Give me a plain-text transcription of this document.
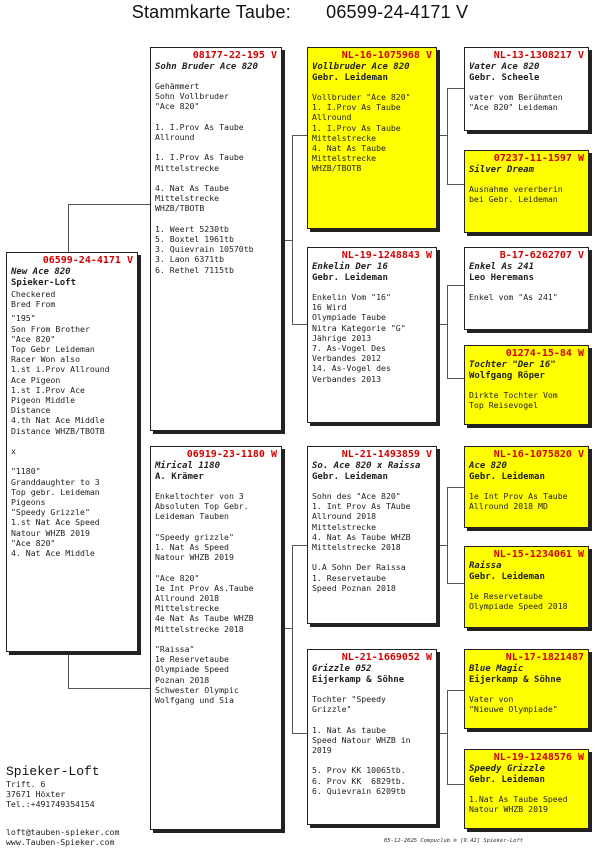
Stammkarte Taube: 06599-24-4171 V
06599-24-4171 V
New Ace 820
Spieker-Loft
Checkered
Bred From
"195"
Son From Brother
"Ace 820"
Top Gebr Leideman
Racer Won also
1.st i.Prov Allround
Ace Pigeon
1.st I.Prov Ace
Pigeon Middle
Distance
4.th Nat Ace Middle
Distance WHZB/TBOTB

x

"1180"
Granddaughter to 3
Top gebr. Leideman
Pigeons
"Speedy Grizzle"
1.st Nat Ace Speed
Natour WHZB 2019
"Ace 820"
4. Nat Ace Middle
08177-22-195 V
Sohn Bruder Ace 820
Gehämmert
Sohn Vollbruder
"Ace 820"

1. I.Prov As Taube
Allround

1. I.Prov As Taube
Mittelstrecke

4. Nat As Taube
Mittelstrecke
WHZB/TBOTB

1. Weert 5230tb
5. Boxtel 1961tb
3. Quievrain 10570tb
3. Laon 6371tb
6. Rethel 7115tb
06919-23-1180 W
Mirical 1180
A. Krämer
Enkeltochter von 3
Absoluten Top Gebr.
Leideman Tauben

"Speedy grizzle"
1. Nat As Speed
Natour WHZB 2019

"Ace 820"
1e Int Prov As.Taube
Allround 2018
Mittelstrecke
4e Nat As Taube WHZB
Mittelstrecke 2018

"Raissa"
1e Reservetaube
Olympiade Speed
Poznan 2018
Schwester Olympic
Wolfgang und Sia
NL-16-1075968 V
Vollbruder Ace 820
Gebr. Leideman
Vollbruder "Ace 820"
1. I.Prov As Taube
Allround
1. I.Prov As Taube
Mittelstrecke
4. Nat As Taube
Mittelstrecke
WHZB/TBOTB
NL-19-1248843 W
Enkelin Der 16
Gebr. Leideman
Enkelin Vom "16"
16 Wird
Olympiade Taube
Nitra Kategorie "G"
Jährige 2013
7. As-Vogel Des
Verbandes 2012
14. As-Vogel des
Verbandes 2013
NL-21-1493859 V
So. Ace 820 x Raissa
Gebr. Leideman
Sohn des "Ace 820"
1. Int Prov As TAube
Allround 2018
Mittelstrecke
4. Nat As Taube WHZB
Mittelstrecke 2018

U.A Sohn Der Raissa
1. Reservetaube
Speed Poznan 2018
NL-21-1669052 W
Grizzle 052
Eijerkamp & Söhne
Tochter "Speedy
Grizzle"

1. Nat As taube
Speed Natour WHZB in
2019

5. Prov KK 10065tb.
6. Prov KK  6829tb.
6. Quievrain 6209tb
NL-13-1308217 V
Vater Ace 820
Gebr. Scheele
vater vom Berühmten
"Ace 820" Leideman
07237-11-1597 W
Silver Dream
Ausnahme vererberin
bei Gebr. Leideman
B-17-6262707 V
Enkel As 241
Leo Heremans
Enkel vom "As 241"
01274-15-84 W
Tochter "Der 16"
Wolfgang Röper
Dirkte Tochter Vom
Top Reisevogel
NL-16-1075820 V
Ace 820
Gebr. Leideman
1e Int Prov As Taube
Allround 2018 MD
NL-15-1234061 W
Raissa
Gebr. Leideman
1e Reservetaube
Olympiade Speed 2018
NL-17-1821487
Blue Magic
Eijerkamp & Söhne
Vater von
"Nieuwe Olympiade"
NL-19-1248576 W
Speedy Grizzle
Gebr. Leideman
1.Nat As Taube Speed
Natour WHZB 2019
Spieker-Loft
Trift. 6
37671 Höxter
Tel.:+491749354154
loft@tauben-spieker.com
www.Tauben-Spieker.com	05-12-2025 Compuclub ® [9.42] Spieker-Loft
